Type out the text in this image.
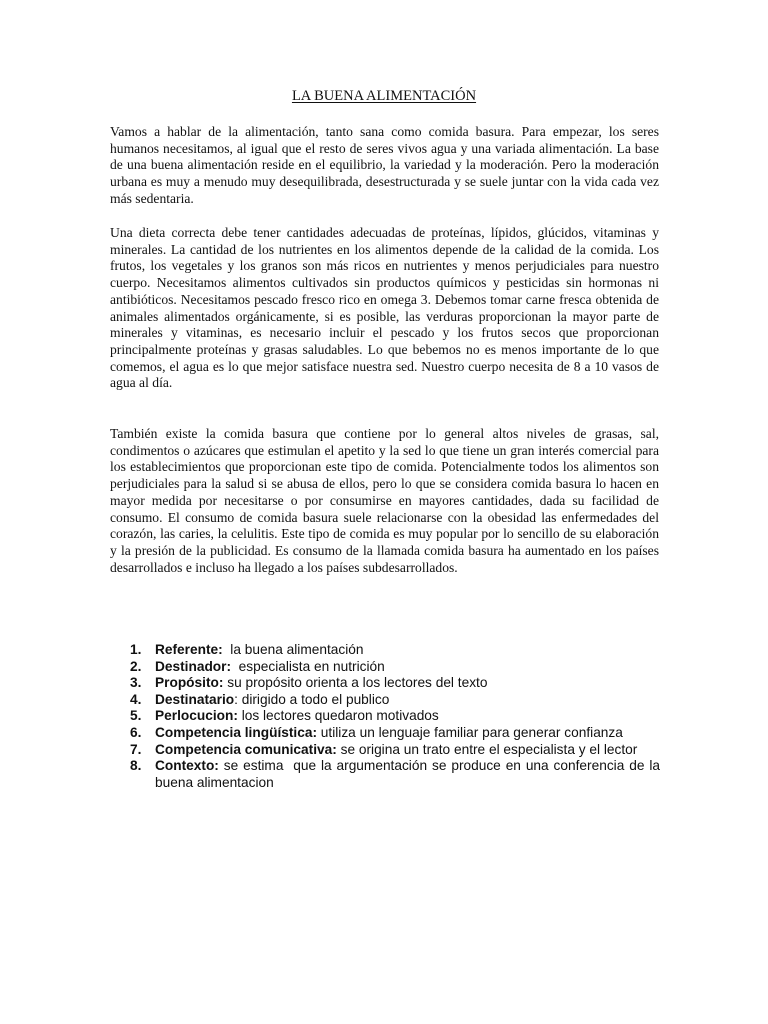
LA BUENA ALIMENTACIÓN

Vamos a hablar de la alimentación, tanto sana como comida basura. Para empezar, los seres humanos necesitamos, al igual que el resto de seres vivos agua y una variada alimentación. La base de una buena alimentación reside en el equilibrio, la variedad y la moderación. Pero la moderación urbana es muy a menudo muy desequilibrada, desestructurada y se suele juntar con la vida cada vez más sedentaria.

Una dieta correcta debe tener cantidades adecuadas de proteínas, lípidos, glúcidos, vitaminas y minerales. La cantidad de los nutrientes en los alimentos depende de la calidad de la comida. Los frutos, los vegetales y los granos son más ricos en nutrientes y menos perjudiciales para nuestro cuerpo. Necesitamos alimentos cultivados sin productos químicos y pesticidas sin hormonas ni antibióticos. Necesitamos pescado fresco rico en omega 3. Debemos tomar carne fresca obtenida de animales alimentados orgánicamente, si es posible, las verduras proporcionan la mayor parte de minerales y vitaminas, es necesario incluir el pescado y los frutos secos que proporcionan principalmente proteínas y grasas saludables. Lo que bebemos no es menos importante de lo que comemos, el agua es lo que mejor satisface nuestra sed. Nuestro cuerpo necesita de 8 a 10 vasos de agua al día.

También existe la comida basura que contiene por lo general altos niveles de grasas, sal, condimentos o azúcares que estimulan el apetito y la sed lo que tiene un gran interés comercial para los establecimientos que proporcionan este tipo de comida. Potencialmente todos los alimentos son perjudiciales para la salud si se abusa de ellos, pero lo que se considera comida basura lo hacen en mayor medida por necesitarse o por consumirse en mayores cantidades, dada su facilidad de consumo. El consumo de comida basura suele relacionarse con la obesidad las enfermedades del corazón, las caries, la celulitis. Este tipo de comida es muy popular por lo sencillo de su elaboración y la presión de la publicidad. Es consumo de la llamada comida basura ha aumentado en los países desarrollados e incluso ha llegado a los países subdesarrollados.

1. Referente:  la buena alimentación
2. Destinador:  especialista en nutrición
3. Propósito: su propósito orienta a los lectores del texto
4. Destinatario: dirigido a todo el publico
5. Perlocucion: los lectores quedaron motivados
6. Competencia lingüística: utiliza un lenguaje familiar para generar confianza
7. Competencia comunicativa: se origina un trato entre el especialista y el lector
8. Contexto: se estima  que la argumentación se produce en una conferencia de la buena alimentacion
